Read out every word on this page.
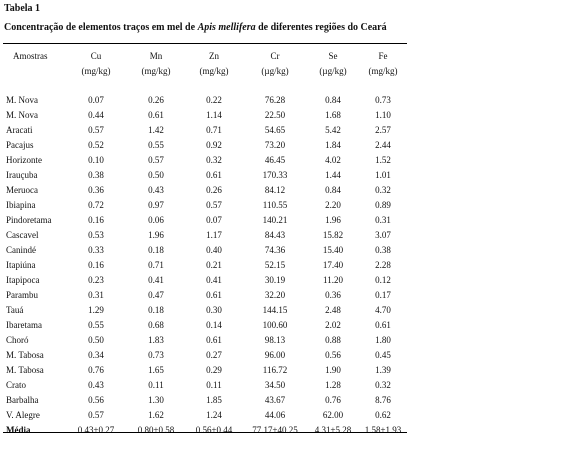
Tabela 1
Concentração de elementos traços em mel de Apis mellifera de diferentes regiões do Ceará
Amostras	Cu	Mn	Zn	Cr	Se	Fe
	(mg/kg)	(mg/kg)	(mg/kg)	(µg/kg)	(µg/kg)	(mg/kg)

M. Nova	0.07	0.26	0.22	76.28	0.84	0.73
M. Nova	0.44	0.61	1.14	22.50	1.68	1.10
Aracati	0.57	1.42	0.71	54.65	5.42	2.57
Pacajus	0.52	0.55	0.92	73.20	1.84	2.44
Horizonte	0.10	0.57	0.32	46.45	4.02	1.52
Irauçuba	0.38	0.50	0.61	170.33	1.44	1.01
Meruoca	0.36	0.43	0.26	84.12	0.84	0.32
Ibiapina	0.72	0.97	0.57	110.55	2.20	0.89
Pindoretama	0.16	0.06	0.07	140.21	1.96	0.31
Cascavel	0.53	1.96	1.17	84.43	15.82	3.07
Canindé	0.33	0.18	0.40	74.36	15.40	0.38
Itapiúna	0.16	0.71	0.21	52.15	17.40	2.28
Itapipoca	0.23	0.41	0.41	30.19	11.20	0.12
Parambu	0.31	0.47	0.61	32.20	0.36	0.17
Tauá	1.29	0.18	0.30	144.15	2.48	4.70
Ibaretama	0.55	0.68	0.14	100.60	2.02	0.61
Choró	0.50	1.83	0.61	98.13	0.88	1.80
M. Tabosa	0.34	0.73	0.27	96.00	0.56	0.45
M. Tabosa	0.76	1.65	0.29	116.72	1.90	1.39
Crato	0.43	0.11	0.11	34.50	1.28	0.32
Barbalha	0.56	1.30	1.85	43.67	0.76	8.76
V. Alegre	0.57	1.62	1.24	44.06	62.00	0.62
Média	0.43±0.27	0.80±0.58	0.56±0.44	77.17±40.25	4.31±5.28	1.58±1.93
